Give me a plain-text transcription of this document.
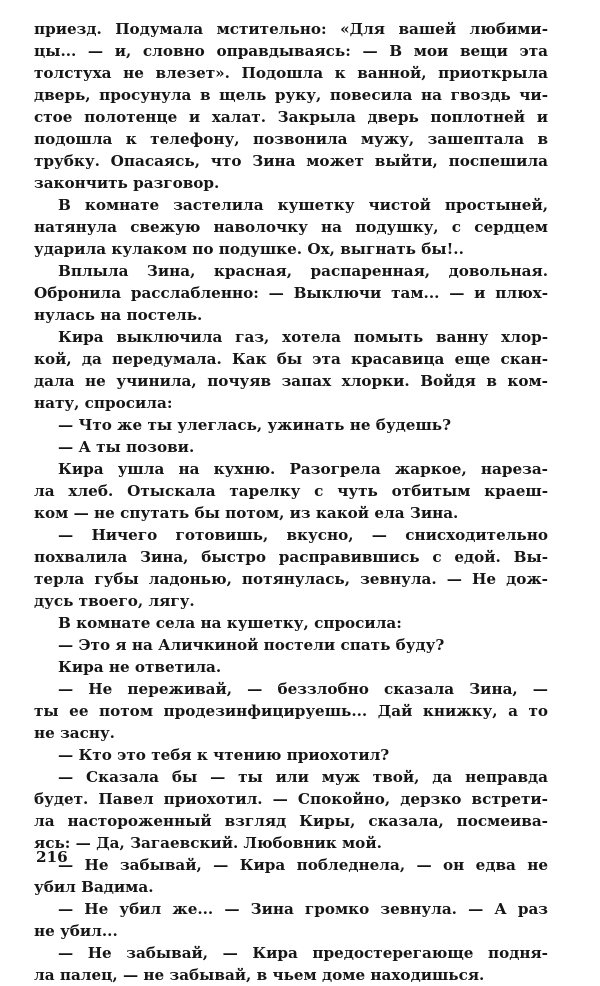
приезд. Подумала мстительно: «Для вашей любими-
цы... — и, словно оправдываясь: — В мои вещи эта
толстуха не влезет». Подошла к ванной, приоткрыла
дверь, просунула в щель руку, повесила на гвоздь чи-
стое полотенце и халат. Закрыла дверь поплотней и
подошла к телефону, позвонила мужу, зашептала в
трубку. Опасаясь, что Зина может выйти, поспешила
закончить разговор.
В комнате застелила кушетку чистой простыней,
натянула свежую наволочку на подушку, с сердцем
ударила кулаком по подушке. Ох, выгнать бы!..
Вплыла Зина, красная, распаренная, довольная.
Обронила расслабленно: — Выключи там... — и плюх-
нулась на постель.
Кира выключила газ, хотела помыть ванну хлор-
кой, да передумала. Как бы эта красавица еще скан-
дала не учинила, почуяв запах хлорки. Войдя в ком-
нату, спросила:
— Что же ты улеглась, ужинать не будешь?
— А ты позови.
Кира ушла на кухню. Разогрела жаркое, нареза-
ла хлеб. Отыскала тарелку с чуть отбитым краеш-
ком — не спутать бы потом, из какой ела Зина.
— Ничего готовишь, вкусно, — снисходительно
похвалила Зина, быстро расправившись с едой. Вы-
терла губы ладонью, потянулась, зевнула. — Не дож-
дусь твоего, лягу.
В комнате села на кушетку, спросила:
— Это я на Аличкиной постели спать буду?
Кира не ответила.
— Не переживай, — беззлобно сказала Зина, —
ты ее потом продезинфицируешь... Дай книжку, а то
не засну.
— Кто это тебя к чтению приохотил?
— Сказала бы — ты или муж твой, да неправда
будет. Павел приохотил. — Спокойно, дерзко встрети-
ла настороженный взгляд Киры, сказала, посмеива-
ясь: — Да, Загаевский. Любовник мой.
— Не забывай, — Кира побледнела, — он едва не
убил Вадима.
— Не убил же... — Зина громко зевнула. — А раз
не убил...
— Не забывай, — Кира предостерегающе подня-
ла палец, — не забывай, в чьем доме находишься.
216
